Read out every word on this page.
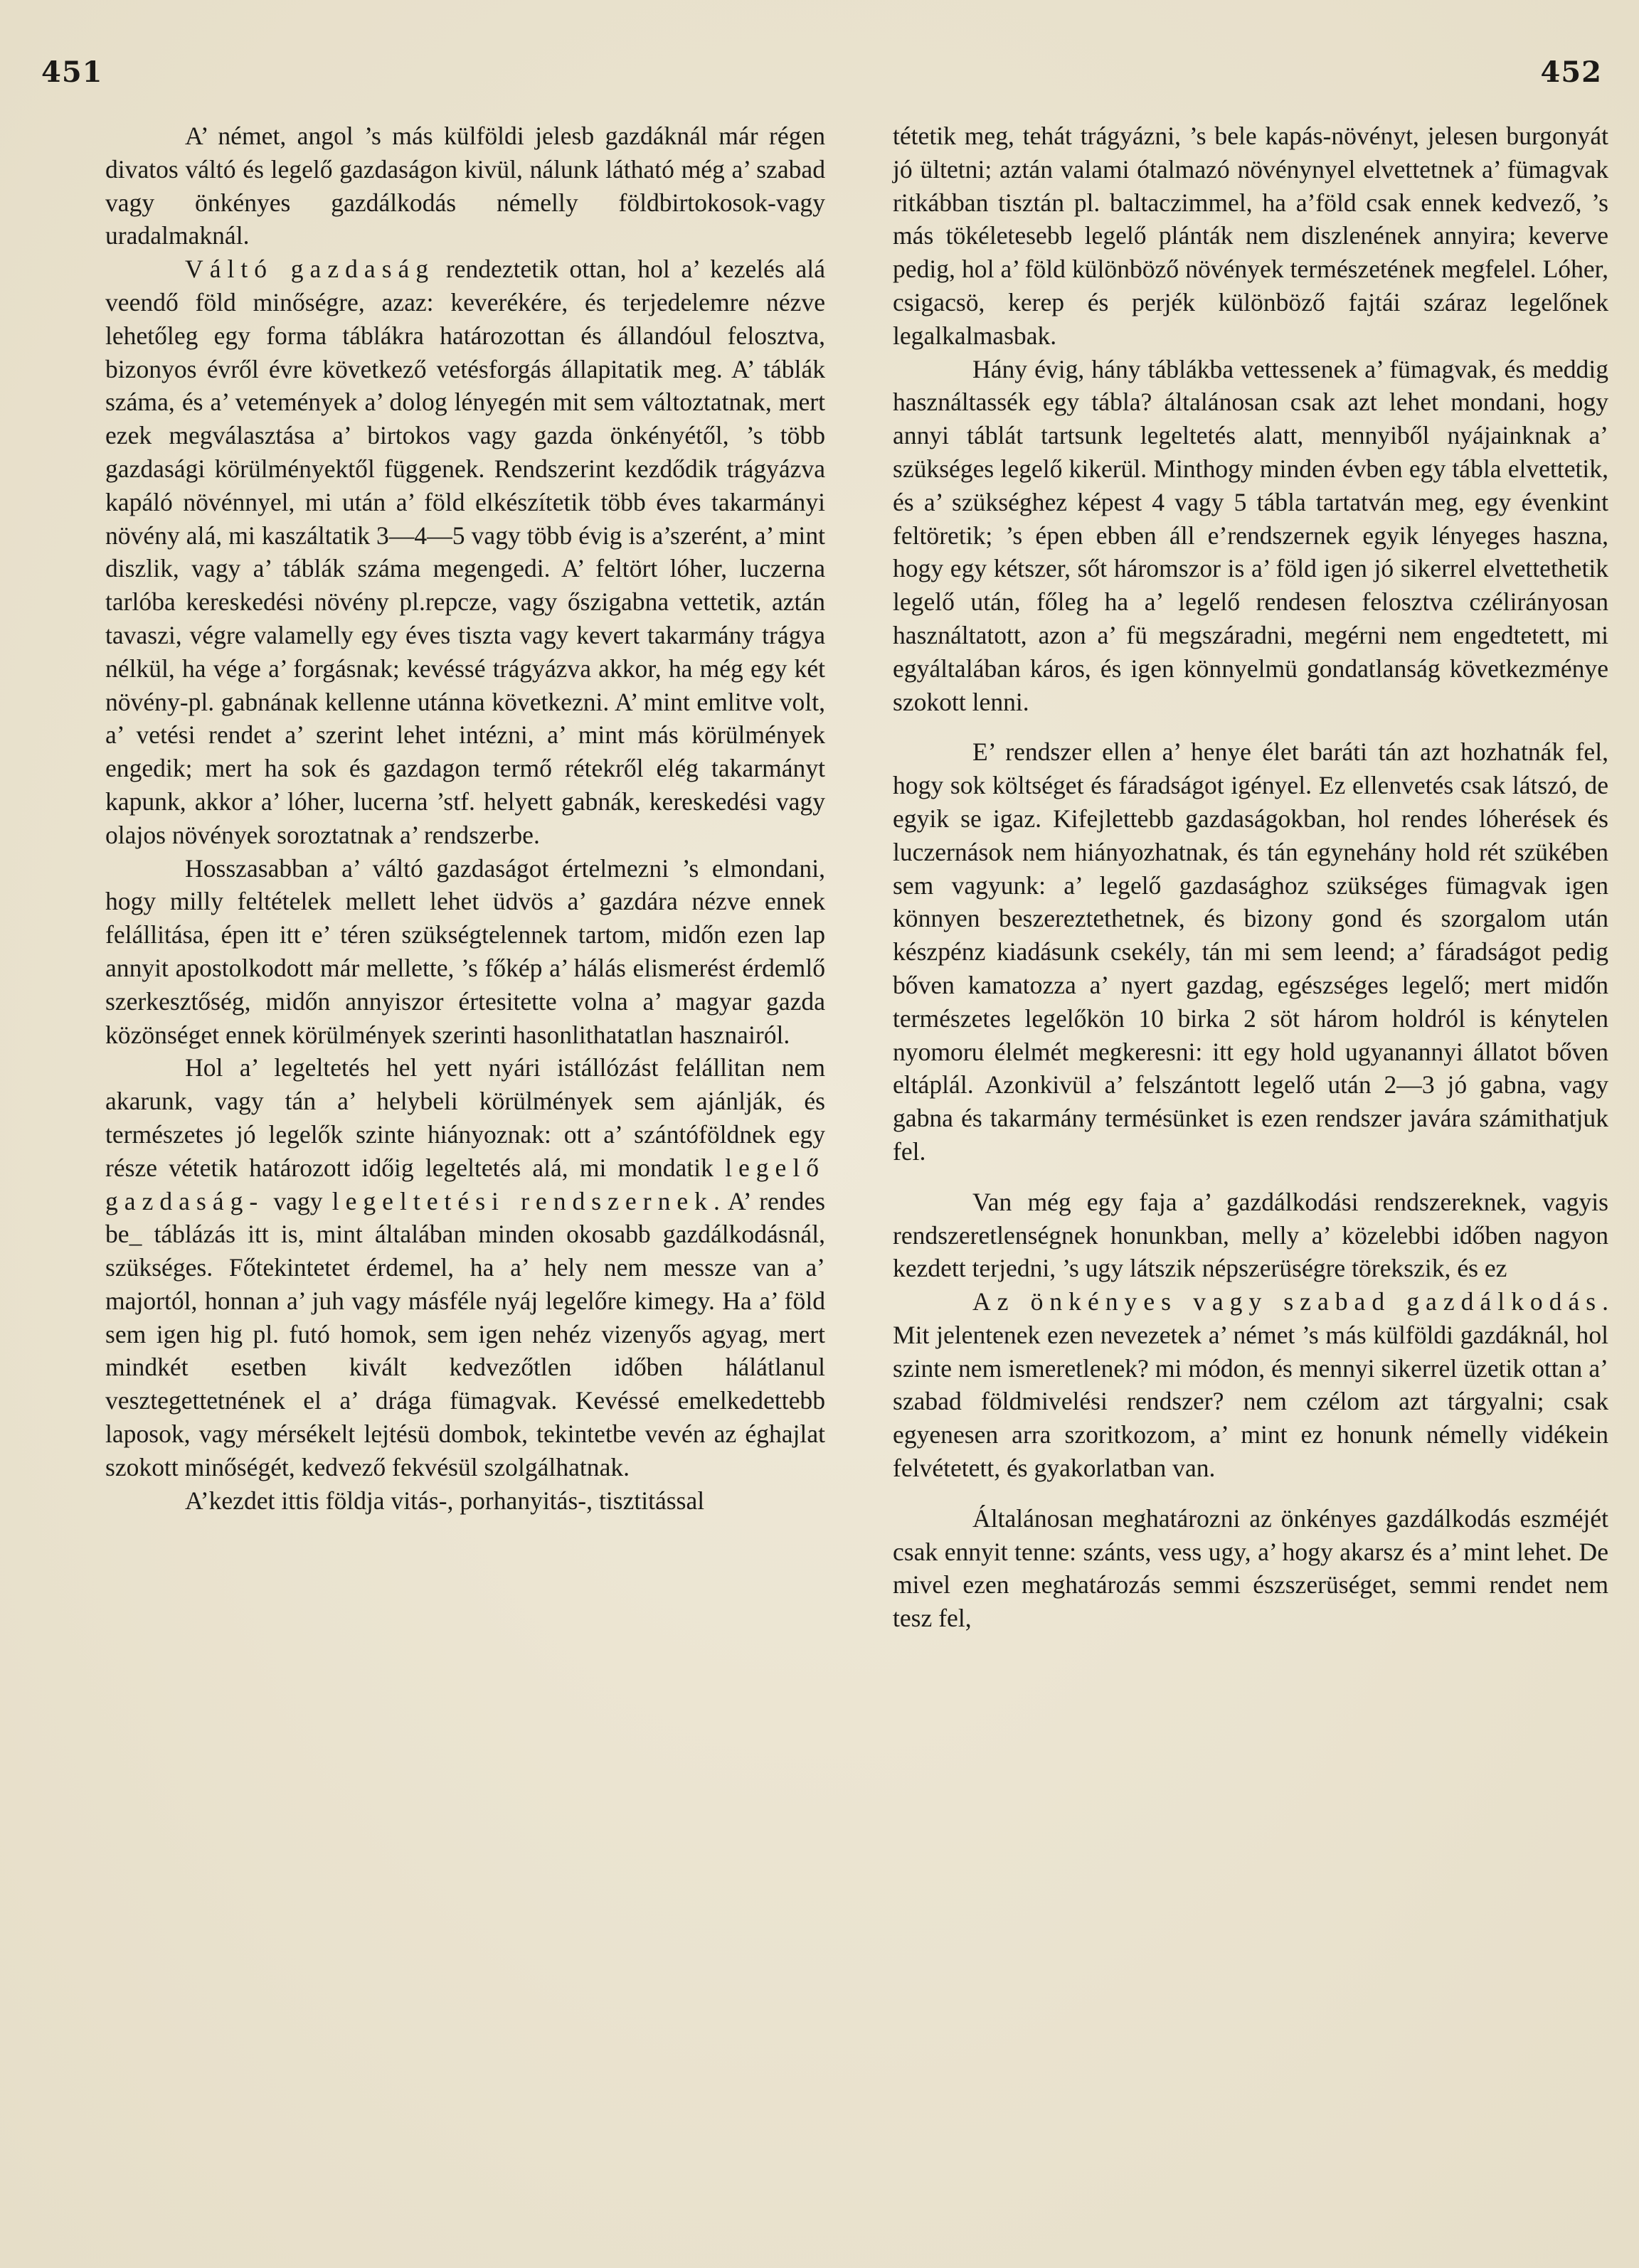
451	452

A’ német, angol ’s más külföldi jelesb gazdáknál már régen divatos váltó és legelő gazdaságon kivül, nálunk látható még a’ szabad vagy önkényes gazdálkodás némelly földbirtokosok-vagy uradalmaknál.

Váltó gazdaság rendeztetik ottan, hol a’ kezelés alá veendő föld minőségre, azaz: keverékére, és terjedelemre nézve lehetőleg egy forma táblákra határozottan és állandóul felosztva, bizonyos évről évre következő vetésforgás állapitatik meg. A’ táblák száma, és a’ vetemények a’ dolog lényegén mit sem változtatnak, mert ezek megválasztása a’ birtokos vagy gazda önkényétől, ’s több gazdasági körülményektől függenek. Rendszerint kezdődik trágyázva kapáló növénnyel, mi után a’ föld elkészítetik több éves takarmányi növény alá, mi kaszáltatik 3—4—5 vagy több évig is a’szerént, a’ mint diszlik, vagy a’ táblák száma megengedi. A’ feltört lóher, luczerna tarlóba kereskedési növény pl.repcze, vagy őszigabna vettetik, aztán tavaszi, végre valamelly egy éves tiszta vagy kevert takarmány trágya nélkül, ha vége a’ forgásnak; kevéssé trágyázva akkor, ha még egy két növény-pl. gabnának kellenne utánna következni. A’ mint emlitve volt, a’ vetési rendet a’ szerint lehet intézni, a’ mint más körülmények engedik; mert ha sok és gazdagon termő rétekről elég takarmányt kapunk, akkor a’ lóher, lucerna ’stf. helyett gabnák, kereskedési vagy olajos növények soroztatnak a’ rendszerbe.

Hosszasabban a’ váltó gazdaságot értelmezni ’s elmondani, hogy milly feltételek mellett lehet üdvös a’ gazdára nézve ennek felállitása, épen itt e’ téren szükségtelennek tartom, midőn ezen lap annyit apostolkodott már mellette, ’s főkép a’ hálás elismerést érdemlő szerkesztőség, midőn annyiszor értesitette volna a’ magyar gazda közönséget ennek körülmények szerinti hasonlithatatlan hasznairól.

Hol a’ legeltetés hel yett nyári istállózást felállitan nem akarunk, vagy tán a’ helybeli körülmények sem ajánlják, és természetes jó legelők szinte hiányoznak: ott a’ szántóföldnek egy része vétetik határozott időig legeltetés alá, mi mondatik legelő gazdaság- vagy legeltetési rendszernek. A’ rendes be_ táblázás itt is, mint általában minden okosabb gazdálkodásnál, szükséges. Főtekintetet érdemel, ha a’ hely nem messze van a’ majortól, honnan a’ juh vagy másféle nyáj legelőre kimegy. Ha a’ föld sem igen hig pl. futó homok, sem igen nehéz vizenyős agyag, mert mindkét esetben kivált kedvezőtlen időben hálátlanul vesztegettetnének el a’ drága fümagvak. Kevéssé emelkedettebb laposok, vagy mérsékelt lejtésü dombok, tekintetbe vevén az éghajlat szokott minőségét, kedvező fekvésül szolgálhatnak.

A’kezdet ittis földja vitás-, porhanyitás-, tisztitással

tétetik meg, tehát trágyázni, ’s bele kapás-növényt, jelesen burgonyát jó ültetni; aztán valami ótalmazó növénynyel elvettetnek a’ fümagvak ritkábban tisztán pl. baltaczimmel, ha a’föld csak ennek kedvező, ’s más tökéletesebb legelő plánták nem diszlenének annyira; keverve pedig, hol a’ föld különböző növények természetének megfelel. Lóher, csigacsö, kerep és perjék különböző fajtái száraz legelőnek legalkalmasbak.

Hány évig, hány táblákba vettessenek a’ fümagvak, és meddig használtassék egy tábla? általánosan csak azt lehet mondani, hogy annyi táblát tartsunk legeltetés alatt, mennyiből nyájainknak a’ szükséges legelő kikerül. Minthogy minden évben egy tábla elvettetik, és a’ szükséghez képest 4 vagy 5 tábla tartatván meg, egy évenkint feltöretik; ’s épen ebben áll e’rendszernek egyik lényeges haszna, hogy egy kétszer, sőt háromszor is a’ föld igen jó sikerrel elvettethetik legelő után, főleg ha a’ legelő rendesen felosztva czélirányosan használtatott, azon a’ fü megszáradni, megérni nem engedtetett, mi egyáltalában káros, és igen könnyelmü gondatlanság következménye szokott lenni.

E’ rendszer ellen a’ henye élet baráti tán azt hozhatnák fel, hogy sok költséget és fáradságot igényel. Ez ellenvetés csak látszó, de egyik se igaz. Kifejlettebb gazdaságokban, hol rendes lóherések és luczernások nem hiányozhatnak, és tán egynehány hold rét szükében sem vagyunk: a’ legelő gazdasághoz szükséges fümagvak igen könnyen beszereztethetnek, és bizony gond és szorgalom után készpénz kiadásunk csekély, tán mi sem leend; a’ fáradságot pedig bőven kamatozza a’ nyert gazdag, egészséges legelő; mert midőn természetes legelőkön 10 birka 2 söt három holdról is kénytelen nyomoru élelmét megkeresni: itt egy hold ugyanannyi állatot bőven eltáplál. Azonkivül a’ felszántott legelő után 2—3 jó gabna, vagy gabna és takarmány termésünket is ezen rendszer javára számithatjuk fel.

Van még egy faja a’ gazdálkodási rendszereknek, vagyis rendszeretlenségnek honunkban, melly a’ közelebbi időben nagyon kezdett terjedni, ’s ugy látszik népszerüségre törekszik, és ez

Az önkényes vagy szabad gazdálkodás. Mit jelentenek ezen nevezetek a’ német ’s más külföldi gazdáknál, hol szinte nem ismeretlenek? mi módon, és mennyi sikerrel üzetik ottan a’ szabad földmivelési rendszer? nem czélom azt tárgyalni; csak egyenesen arra szoritkozom, a’ mint ez honunk némelly vidékein felvétetett, és gyakorlatban van.

Általánosan meghatározni az önkényes gazdálkodás eszméjét csak ennyit tenne: szánts, vess ugy, a’ hogy akarsz és a’ mint lehet. De mivel ezen meghatározás semmi észszerüséget, semmi rendet nem tesz fel,
